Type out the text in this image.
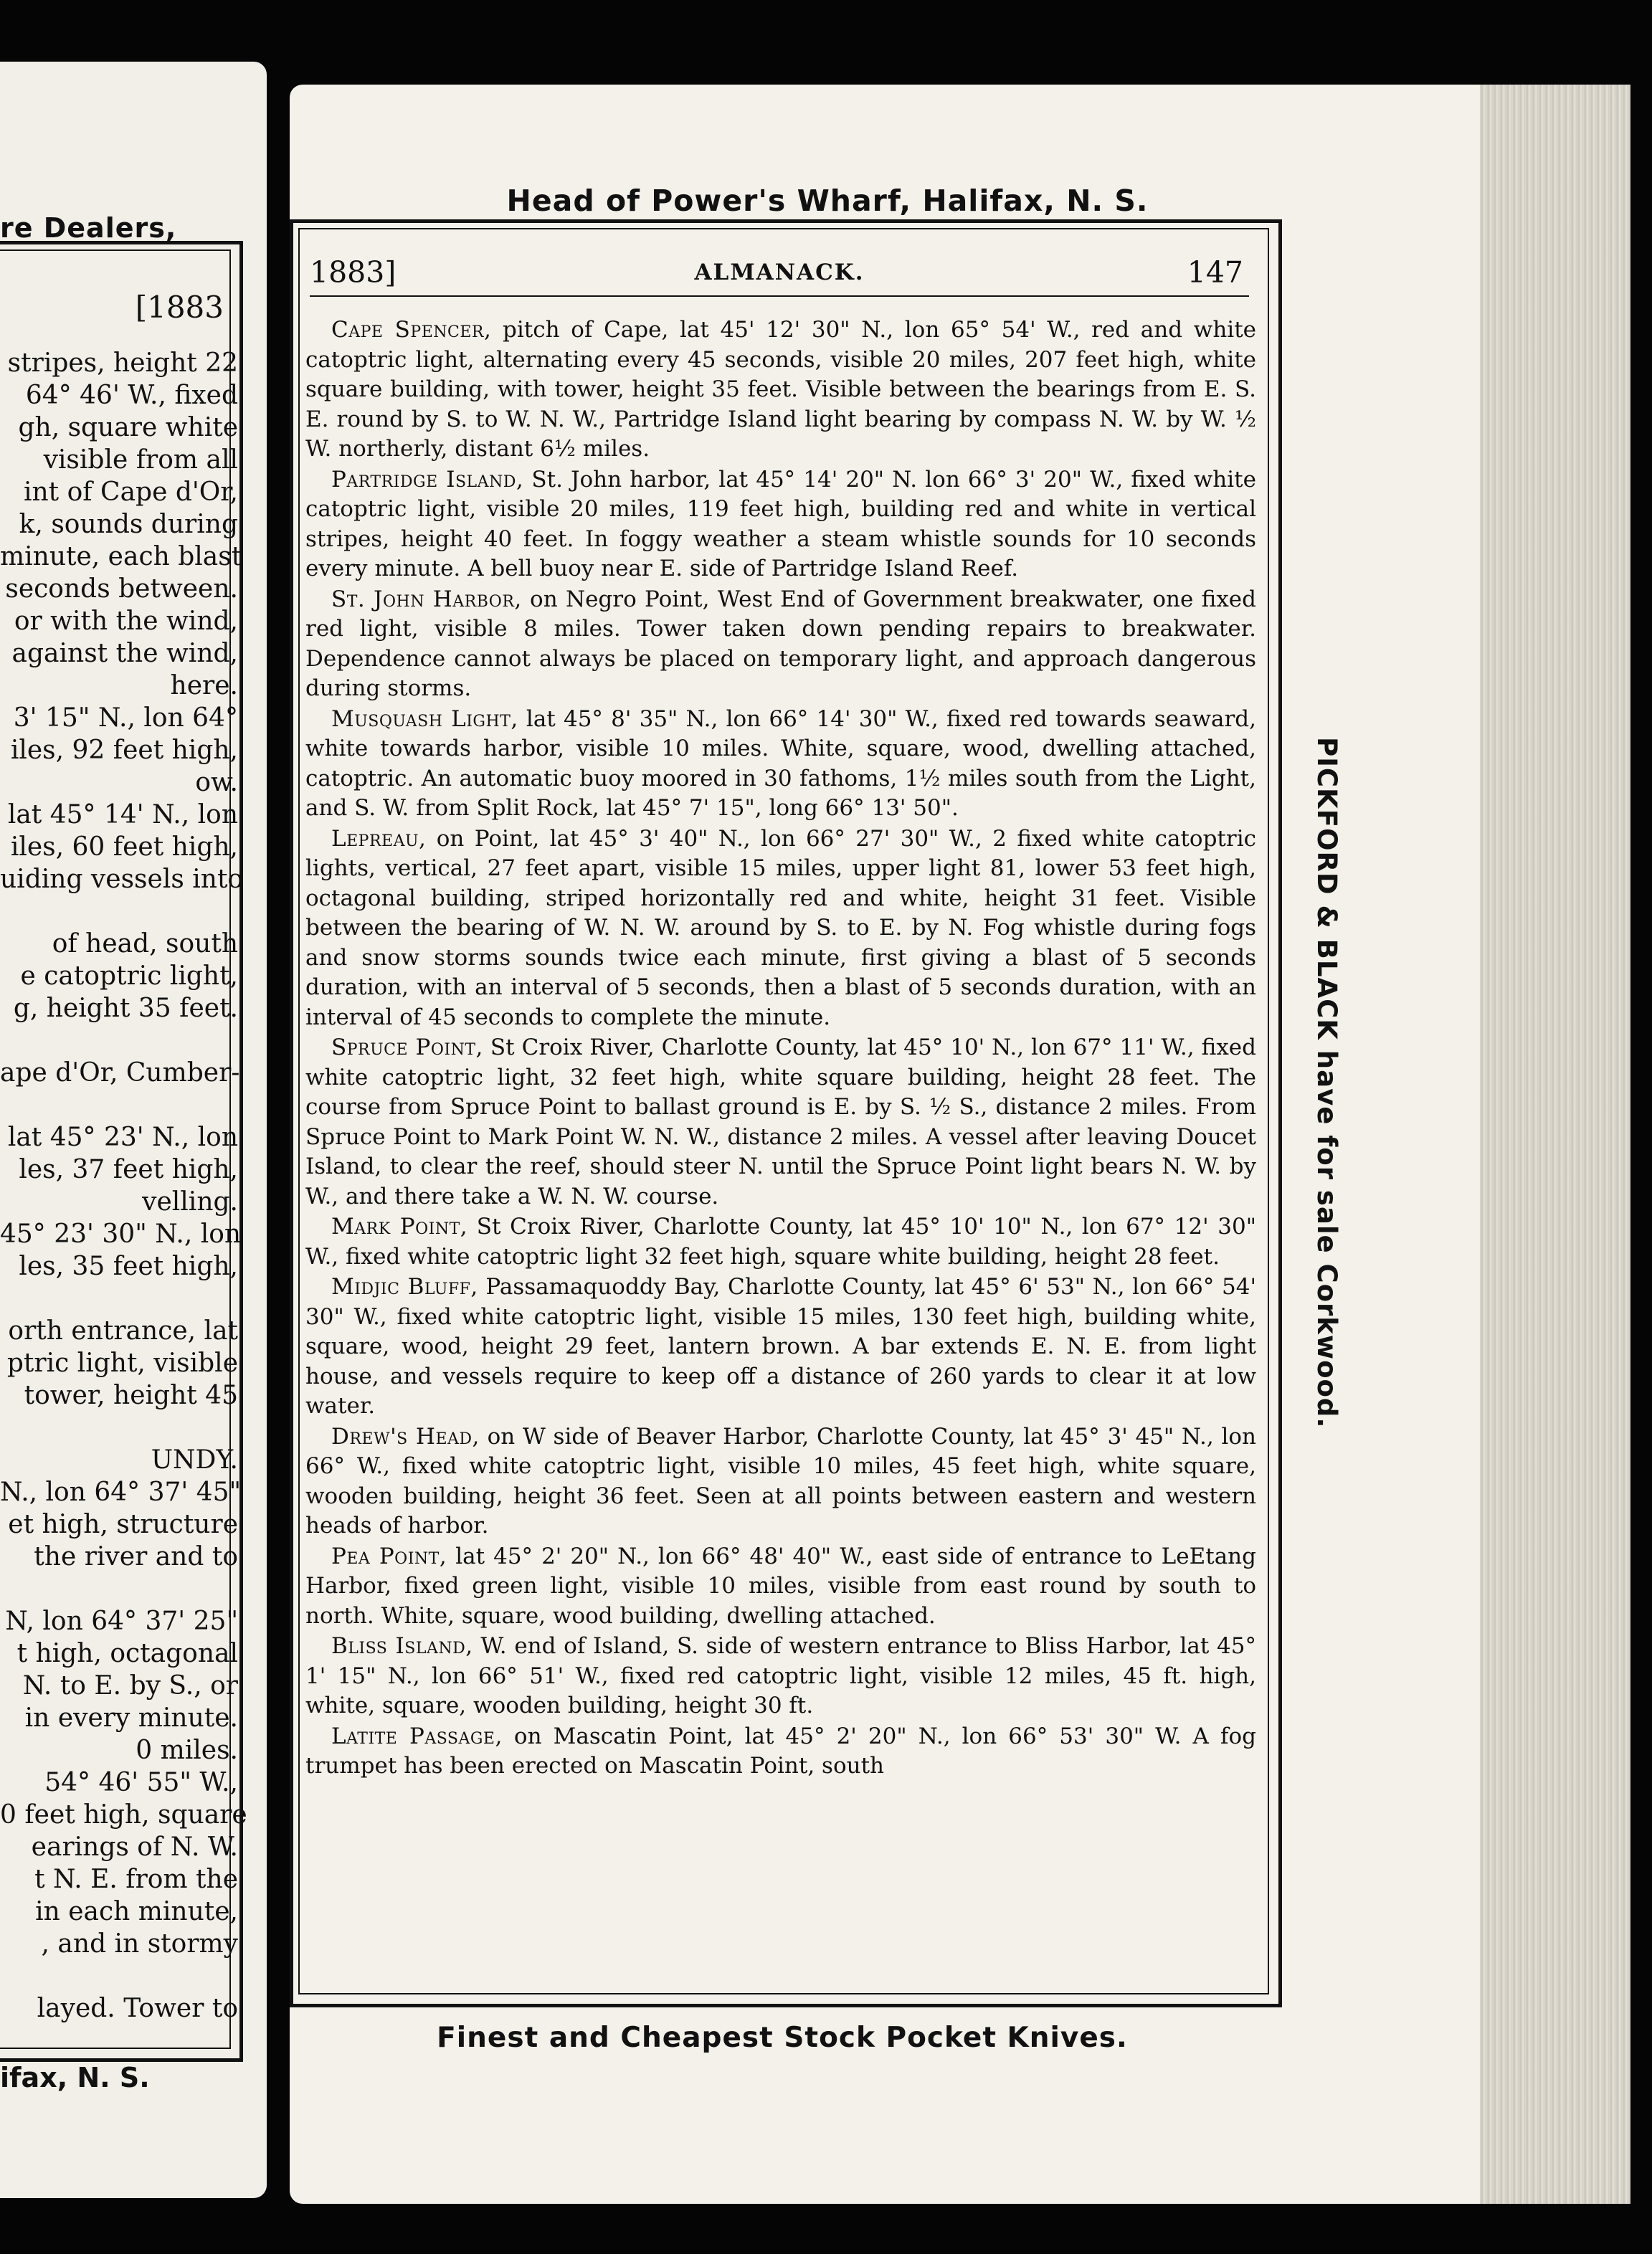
re Dealers,
[1883
stripes, height 22
64° 46' W., fixed
gh, square white
visible from all
int of Cape d'Or,
k, sounds during
minute, each blast
seconds between.
or with the wind,
against the wind,
here.
3' 15" N., lon 64°
iles, 92 feet high,
ow.
lat 45° 14' N., lon
iles, 60 feet high,
uiding vessels into
of head, south
e catoptric light,
g, height 35 feet.
ape d'Or, Cumber-
lat 45° 23' N., lon
les, 37 feet high,
velling.
45° 23' 30" N., lon
les, 35 feet high,
orth entrance, lat
ptric light, visible
tower, height 45
UNDY.
N., lon 64° 37' 45"
et high, structure
the river and to
N, lon 64° 37' 25"
t high, octagonal
N. to E. by S., or
in every minute.
0 miles.
54° 46' 55" W.,
0 feet high, square
earings of N. W.
t N. E. from the
in each minute,
, and in stormy
layed. Tower to
ifax, N. S.
Head of Power's Wharf, Halifax, N. S.
1883]	ALMANACK.	147

Cape Spencer, pitch of Cape, lat 45' 12' 30" N., lon 65° 54' W., red and white catoptric light, alternating every 45 seconds, visible 20 miles, 207 feet high, white square building, with tower, height 35 feet. Visible between the bearings from E. S. E. round by S. to W. N. W., Partridge Island light bearing by compass N. W. by W. ½ W. northerly, distant 6½ miles.

Partridge Island, St. John harbor, lat 45° 14' 20" N. lon 66° 3' 20" W., fixed white catoptric light, visible 20 miles, 119 feet high, building red and white in vertical stripes, height 40 feet. In foggy weather a steam whistle sounds for 10 seconds every minute. A bell buoy near E. side of Partridge Island Reef.

St. John Harbor, on Negro Point, West End of Government breakwater, one fixed red light, visible 8 miles. Tower taken down pending repairs to breakwater. Dependence cannot always be placed on temporary light, and approach dangerous during storms.

Musquash Light, lat 45° 8' 35" N., lon 66° 14' 30" W., fixed red towards seaward, white towards harbor, visible 10 miles. White, square, wood, dwelling attached, catoptric. An automatic buoy moored in 30 fathoms, 1½ miles south from the Light, and S. W. from Split Rock, lat 45° 7' 15", long 66° 13' 50".

Lepreau, on Point, lat 45° 3' 40" N., lon 66° 27' 30" W., 2 fixed white catoptric lights, vertical, 27 feet apart, visible 15 miles, upper light 81, lower 53 feet high, octagonal building, striped horizontally red and white, height 31 feet. Visible between the bearing of W. N. W. around by S. to E. by N. Fog whistle during fogs and snow storms sounds twice each minute, first giving a blast of 5 seconds duration, with an interval of 5 seconds, then a blast of 5 seconds duration, with an interval of 45 seconds to complete the minute.

Spruce Point, St Croix River, Charlotte County, lat 45° 10' N., lon 67° 11' W., fixed white catoptric light, 32 feet high, white square building, height 28 feet. The course from Spruce Point to ballast ground is E. by S. ½ S., distance 2 miles. From Spruce Point to Mark Point W. N. W., distance 2 miles. A vessel after leaving Doucet Island, to clear the reef, should steer N. until the Spruce Point light bears N. W. by W., and there take a W. N. W. course.

Mark Point, St Croix River, Charlotte County, lat 45° 10' 10" N., lon 67° 12' 30" W., fixed white catoptric light 32 feet high, square white building, height 28 feet.

Midjic Bluff, Passamaquoddy Bay, Charlotte County, lat 45° 6' 53" N., lon 66° 54' 30" W., fixed white catoptric light, visible 15 miles, 130 feet high, building white, square, wood, height 29 feet, lantern brown. A bar extends E. N. E. from light house, and vessels require to keep off a distance of 260 yards to clear it at low water.

Drew's Head, on W side of Beaver Harbor, Charlotte County, lat 45° 3' 45" N., lon 66° W., fixed white catoptric light, visible 10 miles, 45 feet high, white square, wooden building, height 36 feet. Seen at all points between eastern and western heads of harbor.

Pea Point, lat 45° 2' 20" N., lon 66° 48' 40" W., east side of entrance to LeEtang Harbor, fixed green light, visible 10 miles, visible from east round by south to north. White, square, wood building, dwelling attached.

Bliss Island, W. end of Island, S. side of western entrance to Bliss Harbor, lat 45° 1' 15" N., lon 66° 51' W., fixed red catoptric light, visible 12 miles, 45 ft. high, white, square, wooden building, height 30 ft.

Latite Passage, on Mascatin Point, lat 45° 2' 20" N., lon 66° 53' 30" W. A fog trumpet has been erected on Mascatin Point, south

PICKFORD & BLACK have for sale Corkwood.
Finest and Cheapest Stock Pocket Knives.
